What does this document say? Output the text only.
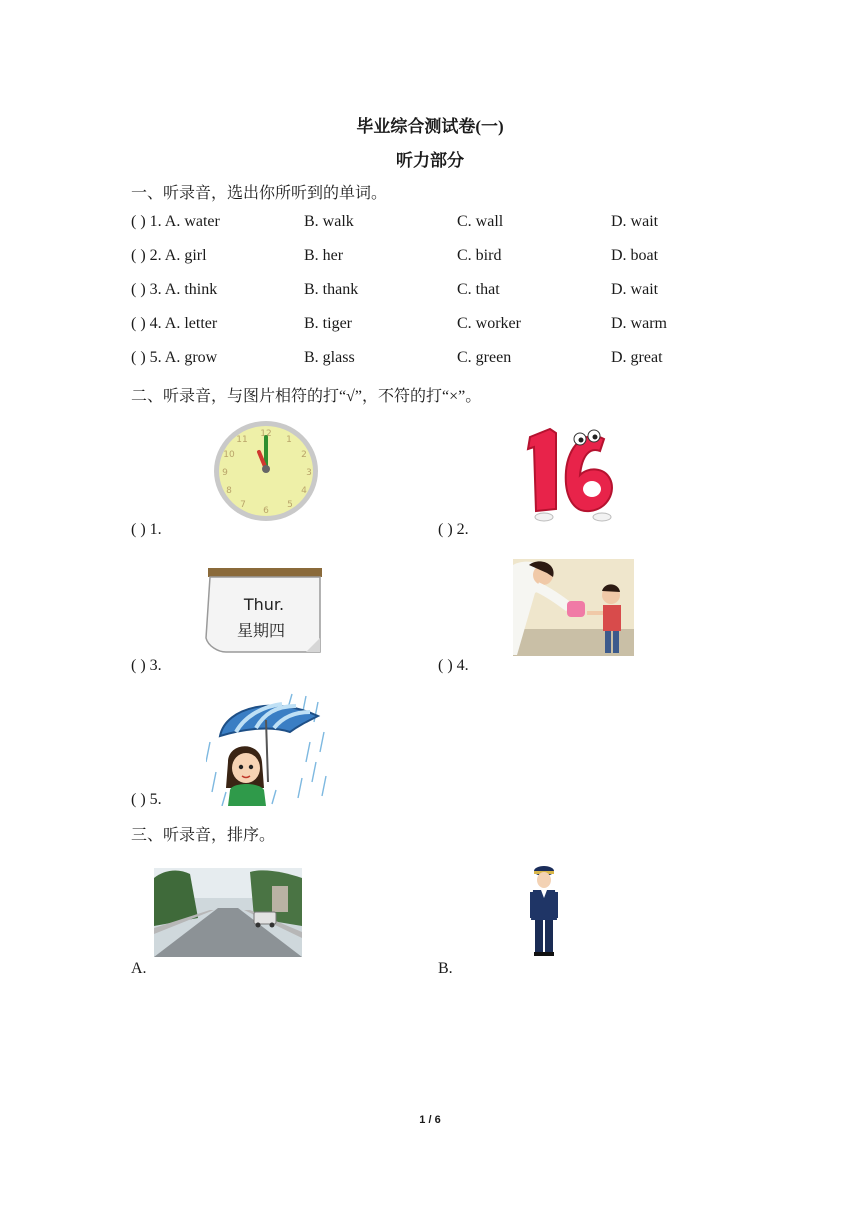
毕业综合测试卷(一)
听力部分
一、听录音，选出你所听到的单词。
( ) 1. A. water	B. walk	C. wall	D. wait
( ) 2. A. girl	B. her	C. bird	D. boat
( ) 3. A. think	B. thank	C. that	D. wait
( ) 4. A. letter	B. tiger	C. worker	D. warm
( ) 5. A. grow	B. glass	C. green	D. great
二、听录音，与图片相符的打“√”，不符的打“×”。
12
1
2
3
4
5
6
7
8
9
10
11
( ) 1.	( ) 2.
Thur.
星期四
( ) 3.	( ) 4.
( ) 5.
三、听录音，排序。
A.	B.
1 / 6
